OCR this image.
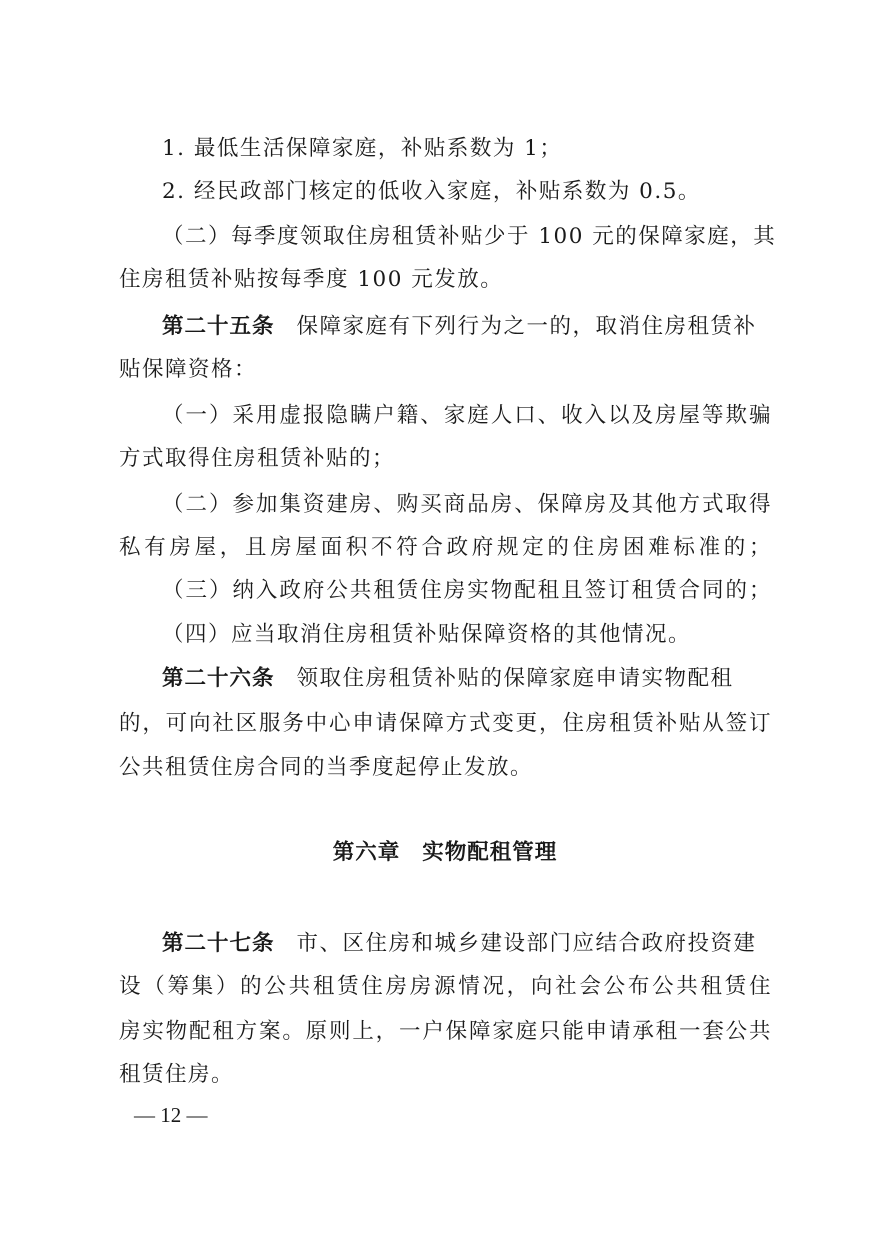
1. 最低生活保障家庭，补贴系数为 1；
2. 经民政部门核定的低收入家庭，补贴系数为 0.5。
（二）每季度领取住房租赁补贴少于 100 元的保障家庭，其
住房租赁补贴按每季度 100 元发放。
第二十五条 保障家庭有下列行为之一的，取消住房租赁补
贴保障资格：
（一）采用虚报隐瞒户籍、家庭人口、收入以及房屋等欺骗
方式取得住房租赁补贴的；
（二）参加集资建房、购买商品房、保障房及其他方式取得
私有房屋，且房屋面积不符合政府规定的住房困难标准的；
（三）纳入政府公共租赁住房实物配租且签订租赁合同的；
（四）应当取消住房租赁补贴保障资格的其他情况。
第二十六条 领取住房租赁补贴的保障家庭申请实物配租
的，可向社区服务中心申请保障方式变更，住房租赁补贴从签订
公共租赁住房合同的当季度起停止发放。
第六章 实物配租管理
第二十七条 市、区住房和城乡建设部门应结合政府投资建
设（筹集）的公共租赁住房房源情况，向社会公布公共租赁住
房实物配租方案。原则上，一户保障家庭只能申请承租一套公共
租赁住房。
— 12 —
